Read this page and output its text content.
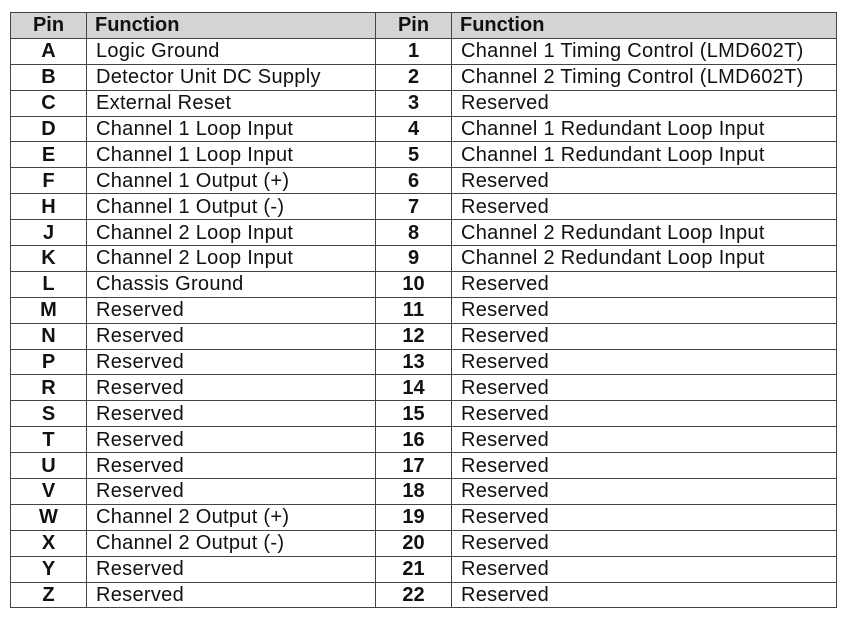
Pin	Function	Pin	Function
A	Logic Ground	1	Channel 1 Timing Control (LMD602T)
B	Detector Unit DC Supply	2	Channel 2 Timing Control (LMD602T)
C	External Reset	3	Reserved
D	Channel 1 Loop Input	4	Channel 1 Redundant Loop Input
E	Channel 1 Loop Input	5	Channel 1 Redundant Loop Input
F	Channel 1 Output (+)	6	Reserved
H	Channel 1 Output (-)	7	Reserved
J	Channel 2 Loop Input	8	Channel 2 Redundant Loop Input
K	Channel 2 Loop Input	9	Channel 2 Redundant Loop Input
L	Chassis Ground	10	Reserved
M	Reserved	11	Reserved
N	Reserved	12	Reserved
P	Reserved	13	Reserved
R	Reserved	14	Reserved
S	Reserved	15	Reserved
T	Reserved	16	Reserved
U	Reserved	17	Reserved
V	Reserved	18	Reserved
W	Channel 2 Output (+)	19	Reserved
X	Channel 2 Output (-)	20	Reserved
Y	Reserved	21	Reserved
Z	Reserved	22	Reserved
